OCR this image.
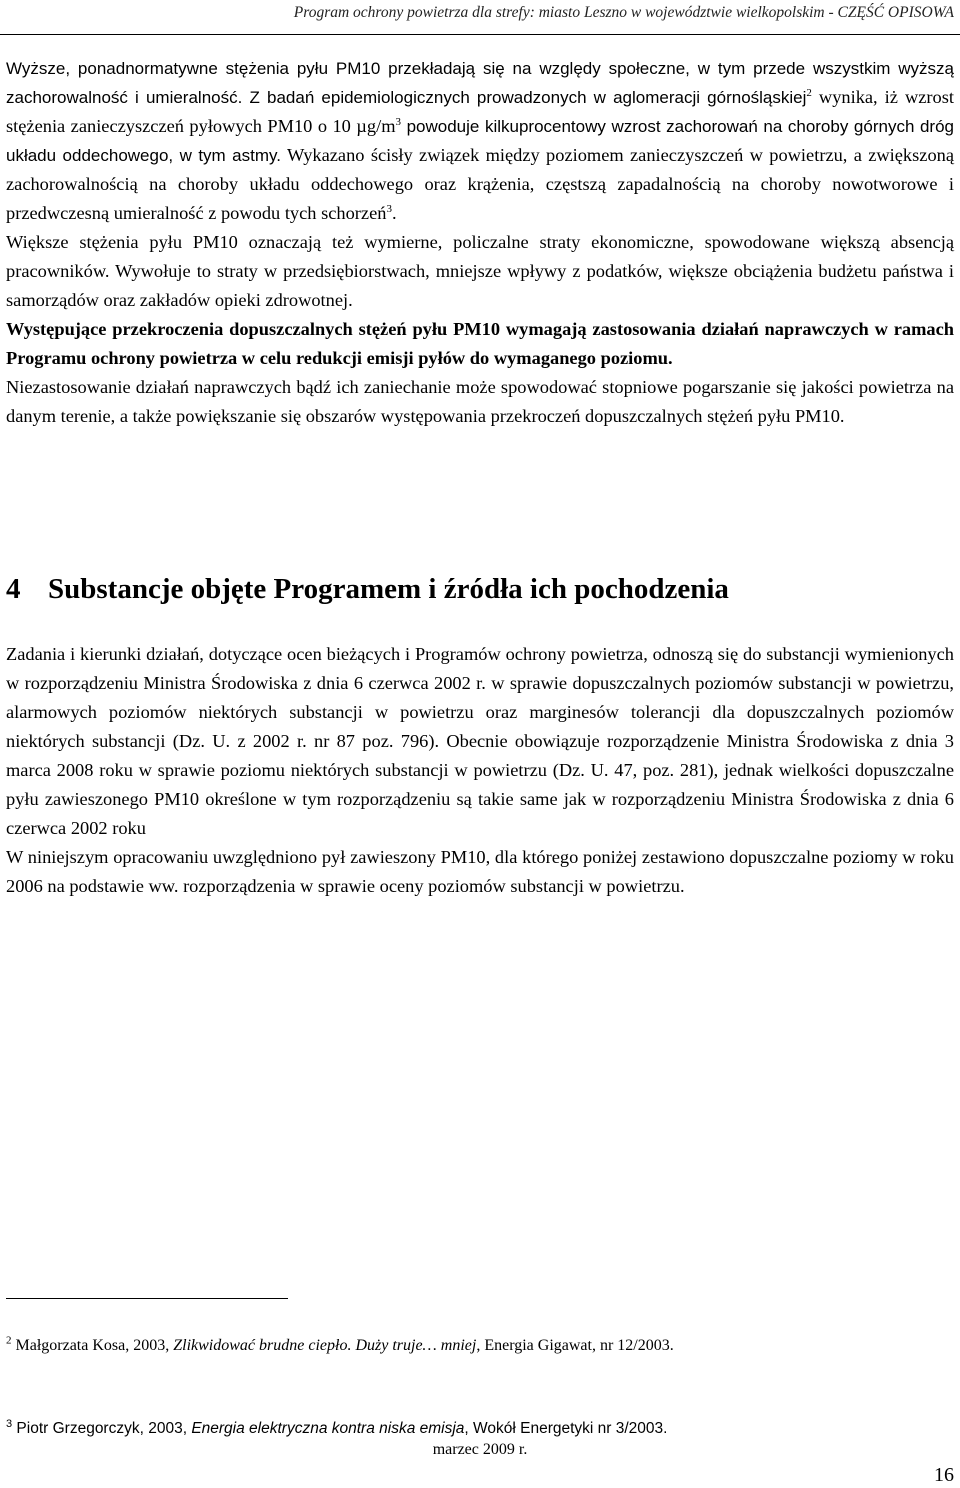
Program ochrony powietrza dla strefy: miasto Leszno w województwie wielkopolskim - CZĘŚĆ OPISOWA

Wyższe, ponadnormatywne stężenia pyłu PM10 przekładają się na względy społeczne, w tym przede wszystkim wyższą zachorowalność i umieralność. Z badań epidemiologicznych prowadzonych w aglomeracji górnośląskiej$^2$ wynika, iż wzrost stężenia zanieczyszczeń pyłowych PM10 o 10 $\mu g/m^3$ powoduje kilkuprocentowy wzrost zachorowań na choroby górnych dróg układu oddechowego, w tym astmy. Wykazano ścisły związek między poziomem zanieczyszczeń w powietrzu, a zwiększoną zachorowalnością na choroby układu oddechowego oraz krążenia, częstszą zapadalnością na choroby nowotworowe i przedwczesną umieralność z powodu tych schorzeń$^3$.

Większe stężenia pyłu PM10 oznaczają też wymierne, policzalne straty ekonomiczne, spowodowane większą absencją pracowników. Wywołuje to straty w przedsiębiorstwach, mniejsze wpływy z podatków, większe obciążenia budżetu państwa i samorządów oraz zakładów opieki zdrowotnej.

Występujące przekroczenia dopuszczalnych stężeń pyłu PM10 wymagają zastosowania działań naprawczych w ramach Programu ochrony powietrza w celu redukcji emisji pyłów do wymaganego poziomu.

Niezastosowanie działań naprawczych bądź ich zaniechanie może spowodować stopniowe pogarszanie się jakości powietrza na danym terenie, a także powiększanie się obszarów występowania przekroczeń dopuszczalnych stężeń pyłu PM10.

4 Substancje objęte Programem i źródła ich pochodzenia

Zadania i kierunki działań, dotyczące ocen bieżących i Programów ochrony powietrza, odnoszą się do substancji wymienionych w rozporządzeniu Ministra Środowiska z dnia 6 czerwca 2002 r. w sprawie dopuszczalnych poziomów substancji w powietrzu, alarmowych poziomów niektórych substancji w powietrzu oraz marginesów tolerancji dla dopuszczalnych poziomów niektórych substancji (Dz. U. z 2002 r. nr 87 poz. 796). Obecnie obowiązuje rozporządzenie Ministra Środowiska z dnia 3 marca 2008 roku w sprawie poziomu niektórych substancji w powietrzu (Dz. U. 47, poz. 281), jednak wielkości dopuszczalne pyłu zawieszonego PM10 określone w tym rozporządzeniu są takie same jak w rozporządzeniu Ministra Środowiska z dnia 6 czerwca 2002 roku

W niniejszym opracowaniu uwzględniono pył zawieszony PM10, dla którego poniżej zestawiono dopuszczalne poziomy w roku 2006 na podstawie ww. rozporządzenia w sprawie oceny poziomów substancji w powietrzu.

$^2$ Małgorzata Kosa, 2003, Zlikwidować brudne ciepło. Duży truje… mniej, Energia Gigawat, nr 12/2003.
$^3$ Piotr Grzegorczyk, 2003, Energia elektryczna kontra niska emisja, Wokół Energetyki nr 3/2003.
marzec 2009 r.
16
